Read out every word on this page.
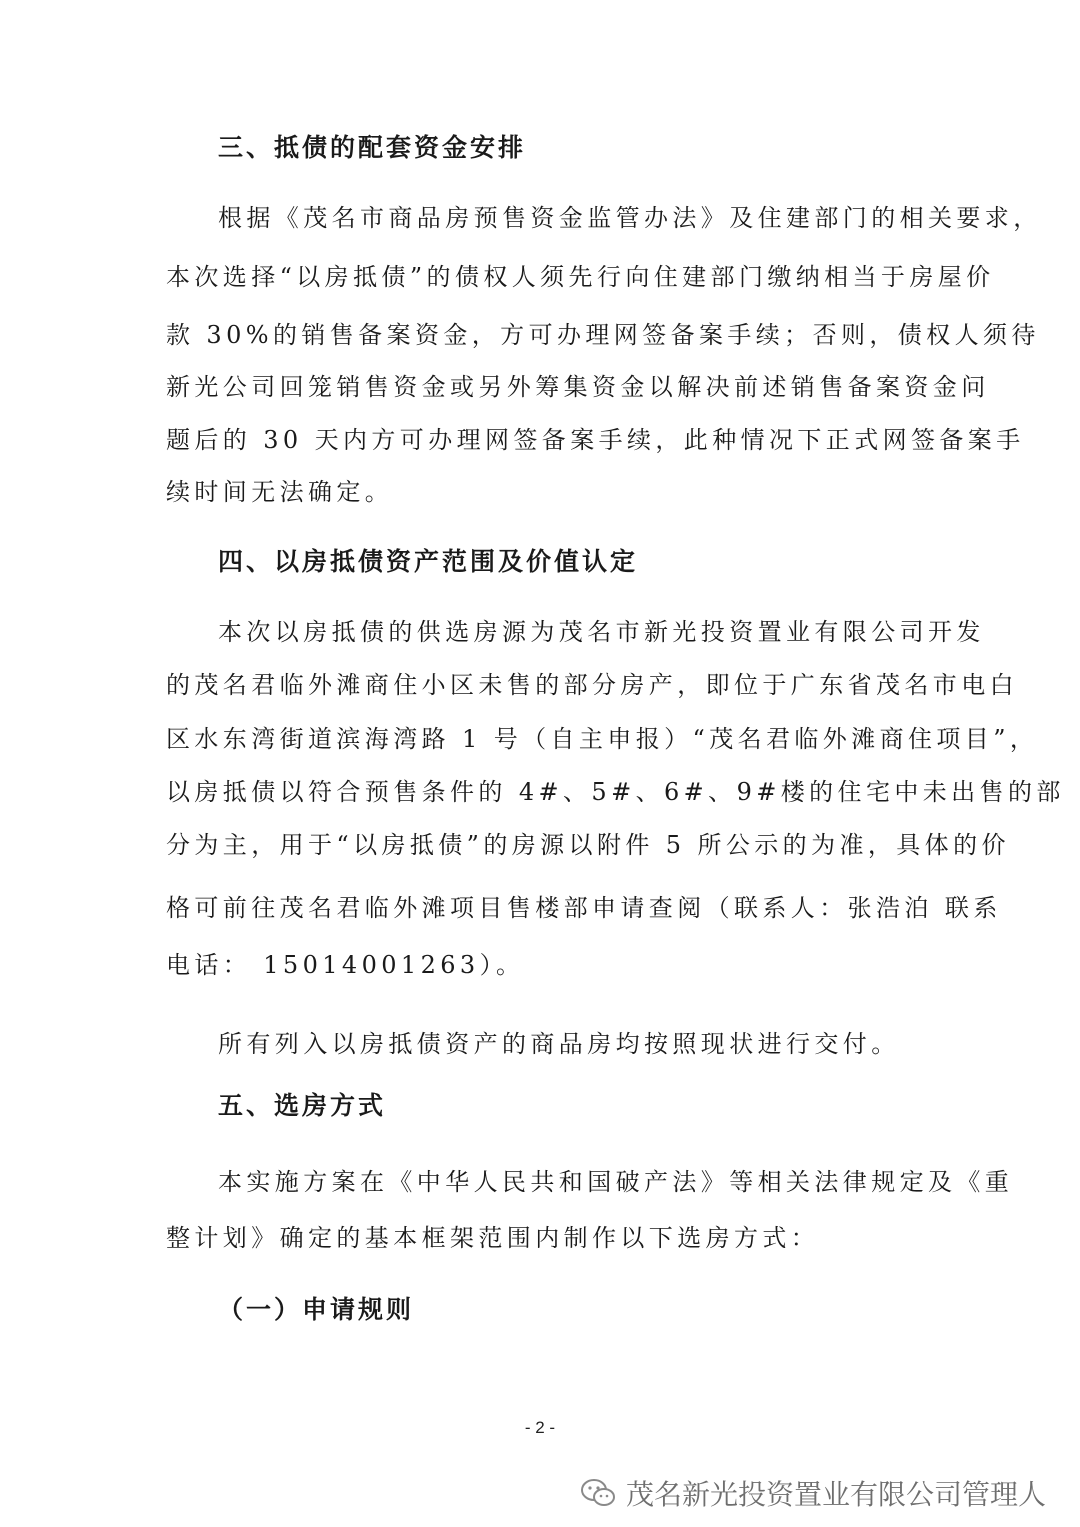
三、抵债的配套资金安排
根据《茂名市商品房预售资金监管办法》及住建部门的相关要求，
本次选择“以房抵债”的债权人须先行向住建部门缴纳相当于房屋价
款 30%的销售备案资金，方可办理网签备案手续；否则，债权人须待
新光公司回笼销售资金或另外筹集资金以解决前述销售备案资金问
题后的 30 天内方可办理网签备案手续，此种情况下正式网签备案手
续时间无法确定。
四、以房抵债资产范围及价值认定
本次以房抵债的供选房源为茂名市新光投资置业有限公司开发
的茂名君临外滩商住小区未售的部分房产，即位于广东省茂名市电白
区水东湾街道滨海湾路 1 号（自主申报）“茂名君临外滩商住项目”，
以房抵债以符合预售条件的 4#、5#、6#、9#楼的住宅中未出售的部
分为主，用于“以房抵债”的房源以附件 5 所公示的为准，具体的价
格可前往茂名君临外滩项目售楼部申请查阅（联系人：张浩泊 联系
电话： 15014001263）。
所有列入以房抵债资产的商品房均按照现状进行交付。
五、选房方式
本实施方案在《中华人民共和国破产法》等相关法律规定及《重
整计划》确定的基本框架范围内制作以下选房方式：
（一）申请规则
- 2 -
茂名新光投资置业有限公司管理人
